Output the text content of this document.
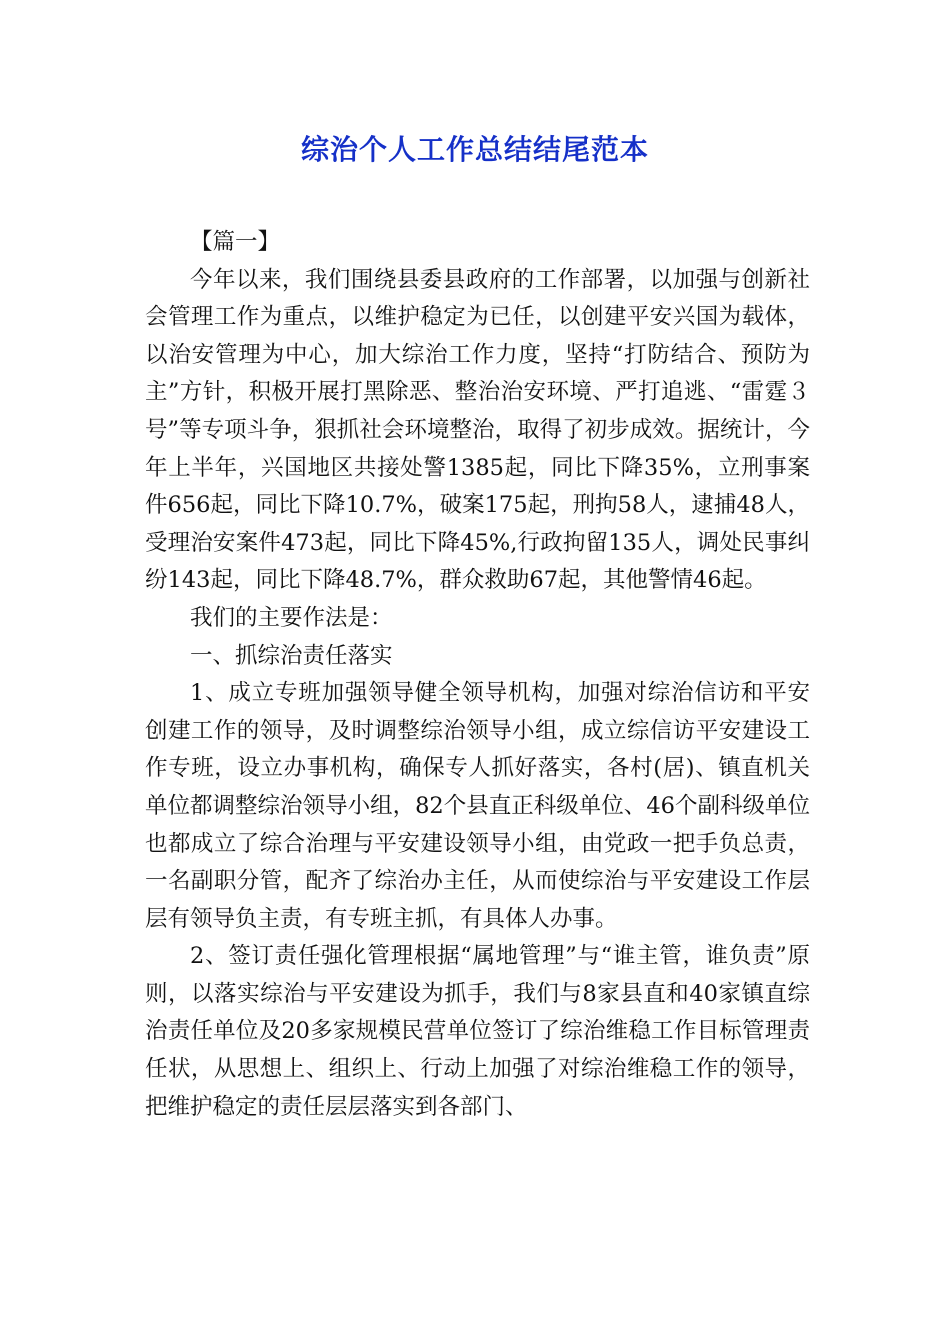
综治个人工作总结结尾范本

【篇一】

今年以来，我们围绕县委县政府的工作部署，以加强与创新社会管理工作为重点，以维护稳定为已任，以创建平安兴国为载体，以治安管理为中心，加大综治工作力度，坚持“打防结合、预防为主”方针，积极开展打黑除恶、整治治安环境、严打追逃、“雷霆３号”等专项斗争，狠抓社会环境整治，取得了初步成效。据统计，今年上半年，兴国地区共接处警1385起，同比下降35%，立刑事案件656起，同比下降10.7%，破案175起，刑拘58人，逮捕48人，受理治安案件473起，同比下降45%,行政拘留135人，调处民事纠纷143起，同比下降48.7%，群众救助67起，其他警情46起。

我们的主要作法是：

一、抓综治责任落实

1、成立专班加强领导健全领导机构，加强对综治信访和平安创建工作的领导，及时调整综治领导小组，成立综信访平安建设工作专班，设立办事机构，确保专人抓好落实，各村(居)、镇直机关单位都调整综治领导小组，82个县直正科级单位、46个副科级单位也都成立了综合治理与平安建设领导小组，由党政一把手负总责，一名副职分管，配齐了综治办主任，从而使综治与平安建设工作层层有领导负主责，有专班主抓，有具体人办事。

2、签订责任强化管理根据“属地管理”与“谁主管，谁负责”原则，以落实综治与平安建设为抓手，我们与8家县直和40家镇直综治责任单位及20多家规模民营单位签订了综治维稳工作目标管理责任状，从思想上、组织上、行动上加强了对综治维稳工作的领导，把维护稳定的责任层层落实到各部门、
